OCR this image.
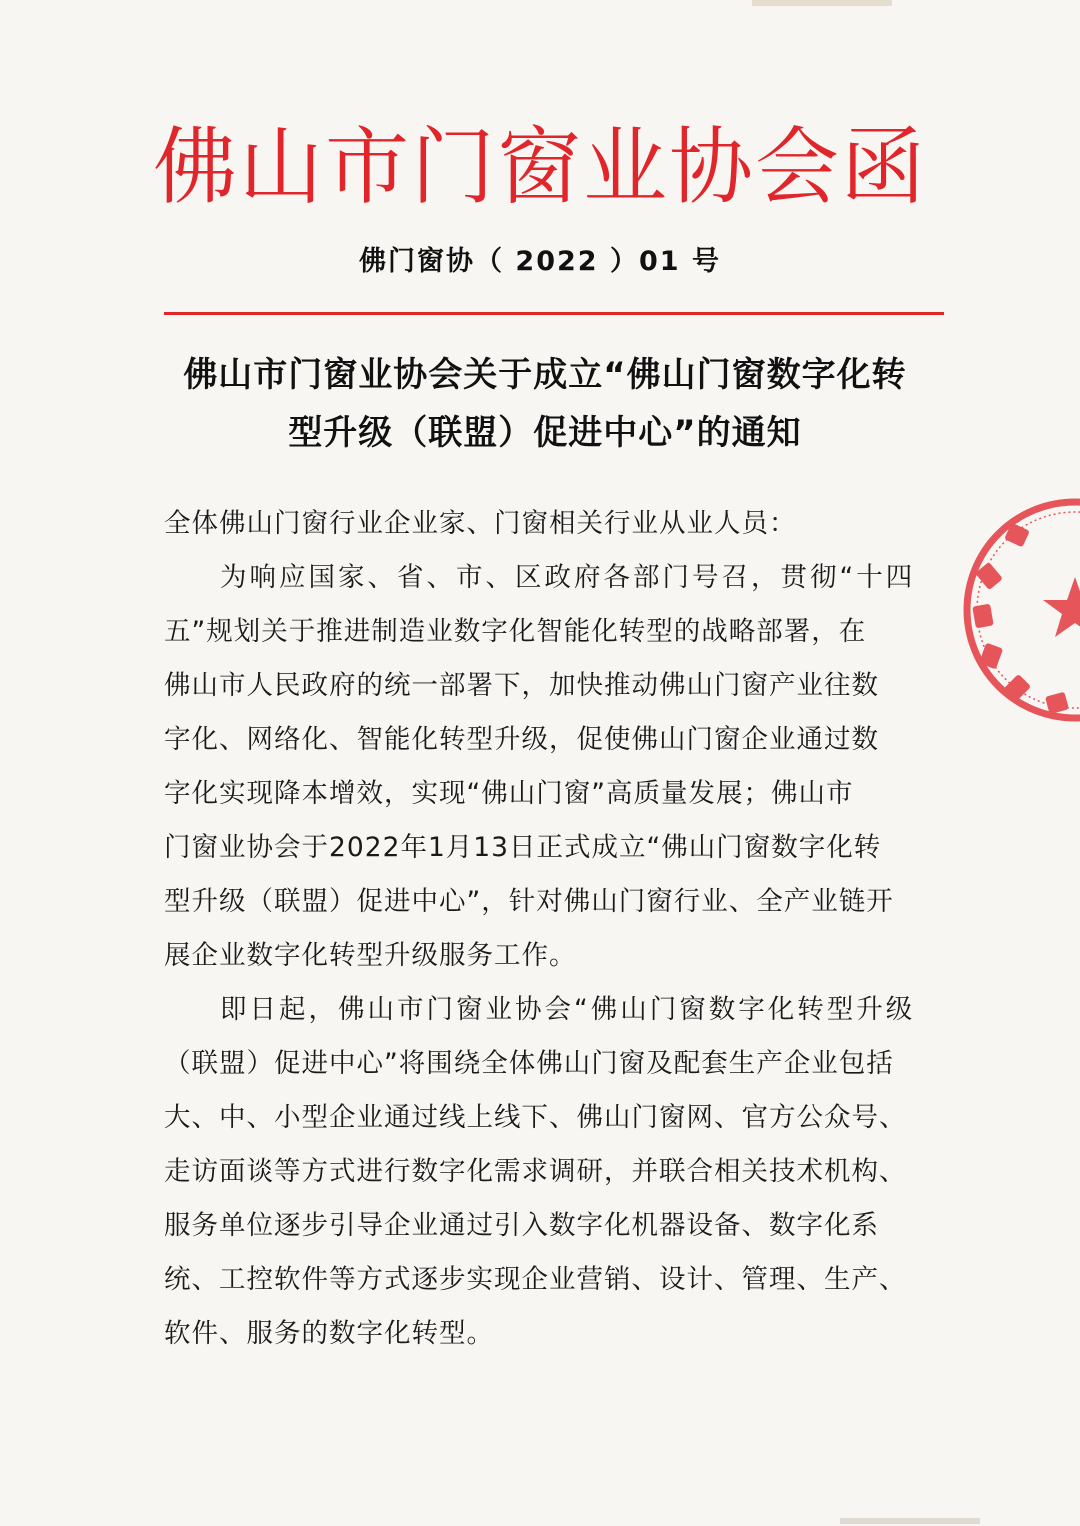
佛山市门窗业协会函
佛门窗协（ 2022 ）01 号
佛山市门窗业协会关于成立“佛山门窗数字化转
型升级（联盟）促进中心”的通知
全体佛山门窗行业企业家、门窗相关行业从业人员：
为响应国家、省、市、区政府各部门号召，贯彻“十四
五”规划关于推进制造业数字化智能化转型的战略部署，在
佛山市人民政府的统一部署下，加快推动佛山门窗产业往数
字化、网络化、智能化转型升级，促使佛山门窗企业通过数
字化实现降本增效，实现“佛山门窗”高质量发展；佛山市
门窗业协会于2022年1月13日正式成立“佛山门窗数字化转
型升级（联盟）促进中心”，针对佛山门窗行业、全产业链开
展企业数字化转型升级服务工作。
即日起，佛山市门窗业协会“佛山门窗数字化转型升级
（联盟）促进中心”将围绕全体佛山门窗及配套生产企业包括
大、中、小型企业通过线上线下、佛山门窗网、官方公众号、
走访面谈等方式进行数字化需求调研，并联合相关技术机构、
服务单位逐步引导企业通过引入数字化机器设备、数字化系
统、工控软件等方式逐步实现企业营销、设计、管理、生产、
软件、服务的数字化转型。
